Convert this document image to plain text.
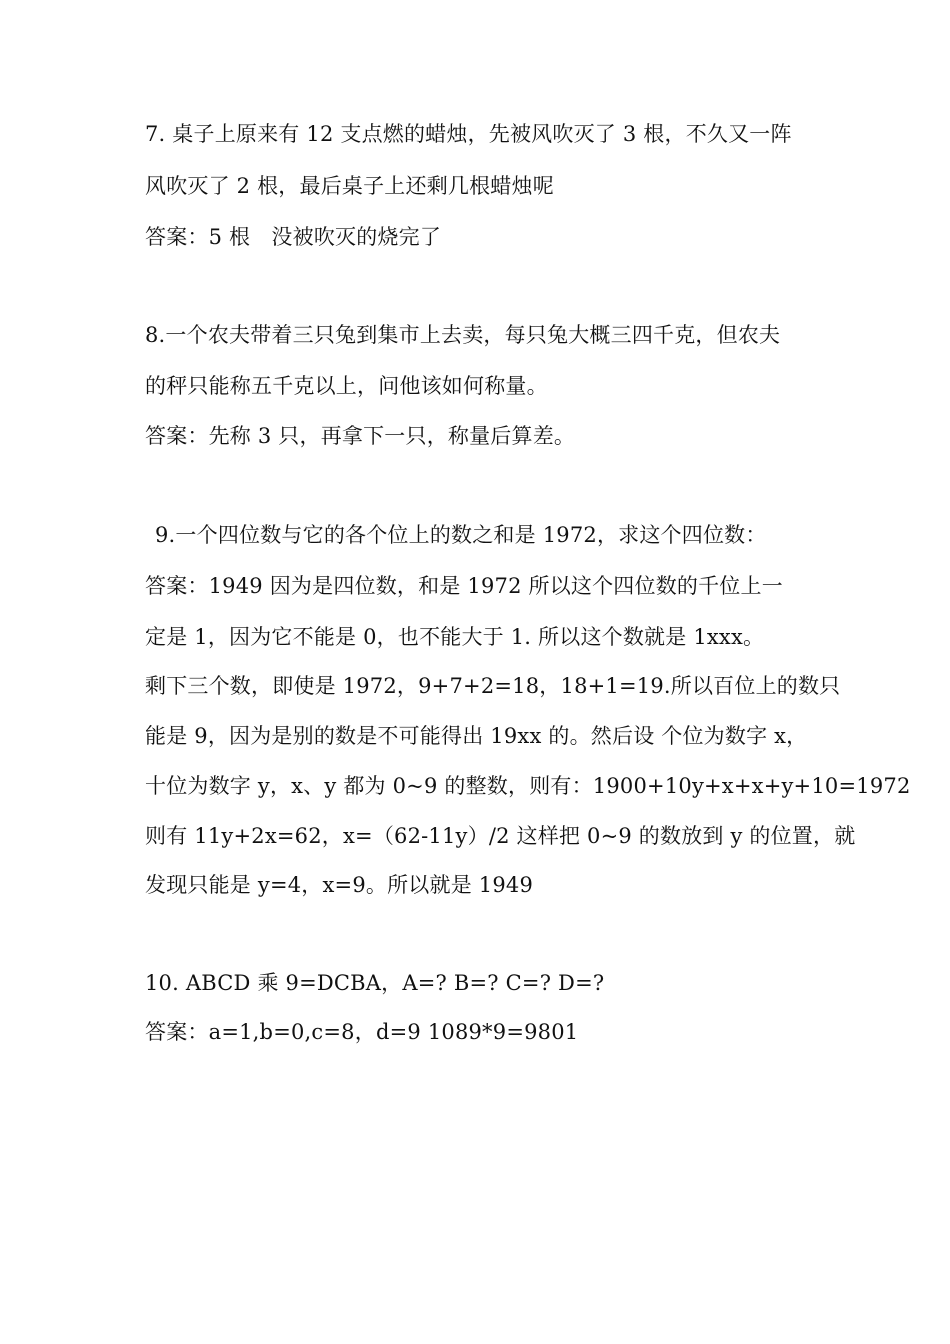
7. 桌子上原来有 12 支点燃的蜡烛，先被风吹灭了 3 根，不久又一阵
风吹灭了 2 根，最后桌子上还剩几根蜡烛呢
答案：5 根　没被吹灭的烧完了
8.一个农夫带着三只兔到集市上去卖，每只兔大概三四千克，但农夫
的秤只能称五千克以上，问他该如何称量。
答案：先称 3 只，再拿下一只，称量后算差。
9.一个四位数与它的各个位上的数之和是 1972，求这个四位数：
答案：1949 因为是四位数，和是 1972 所以这个四位数的千位上一
定是 1，因为它不能是 0，也不能大于 1. 所以这个数就是 1xxx。
剩下三个数，即使是 1972，9+7+2=18，18+1=19.所以百位上的数只
能是 9，因为是别的数是不可能得出 19xx 的。然后设 个位为数字 x，
十位为数字 y，x、y 都为 0~9 的整数，则有：1900+10y+x+x+y+10=1972
则有 11y+2x=62，x=（62-11y）/2 这样把 0~9 的数放到 y 的位置，就
发现只能是 y=4，x=9。所以就是 1949
10. ABCD 乘 9=DCBA，A=? B=? C=? D=?
答案：a=1,b=0,c=8，d=9 1089*9=9801
